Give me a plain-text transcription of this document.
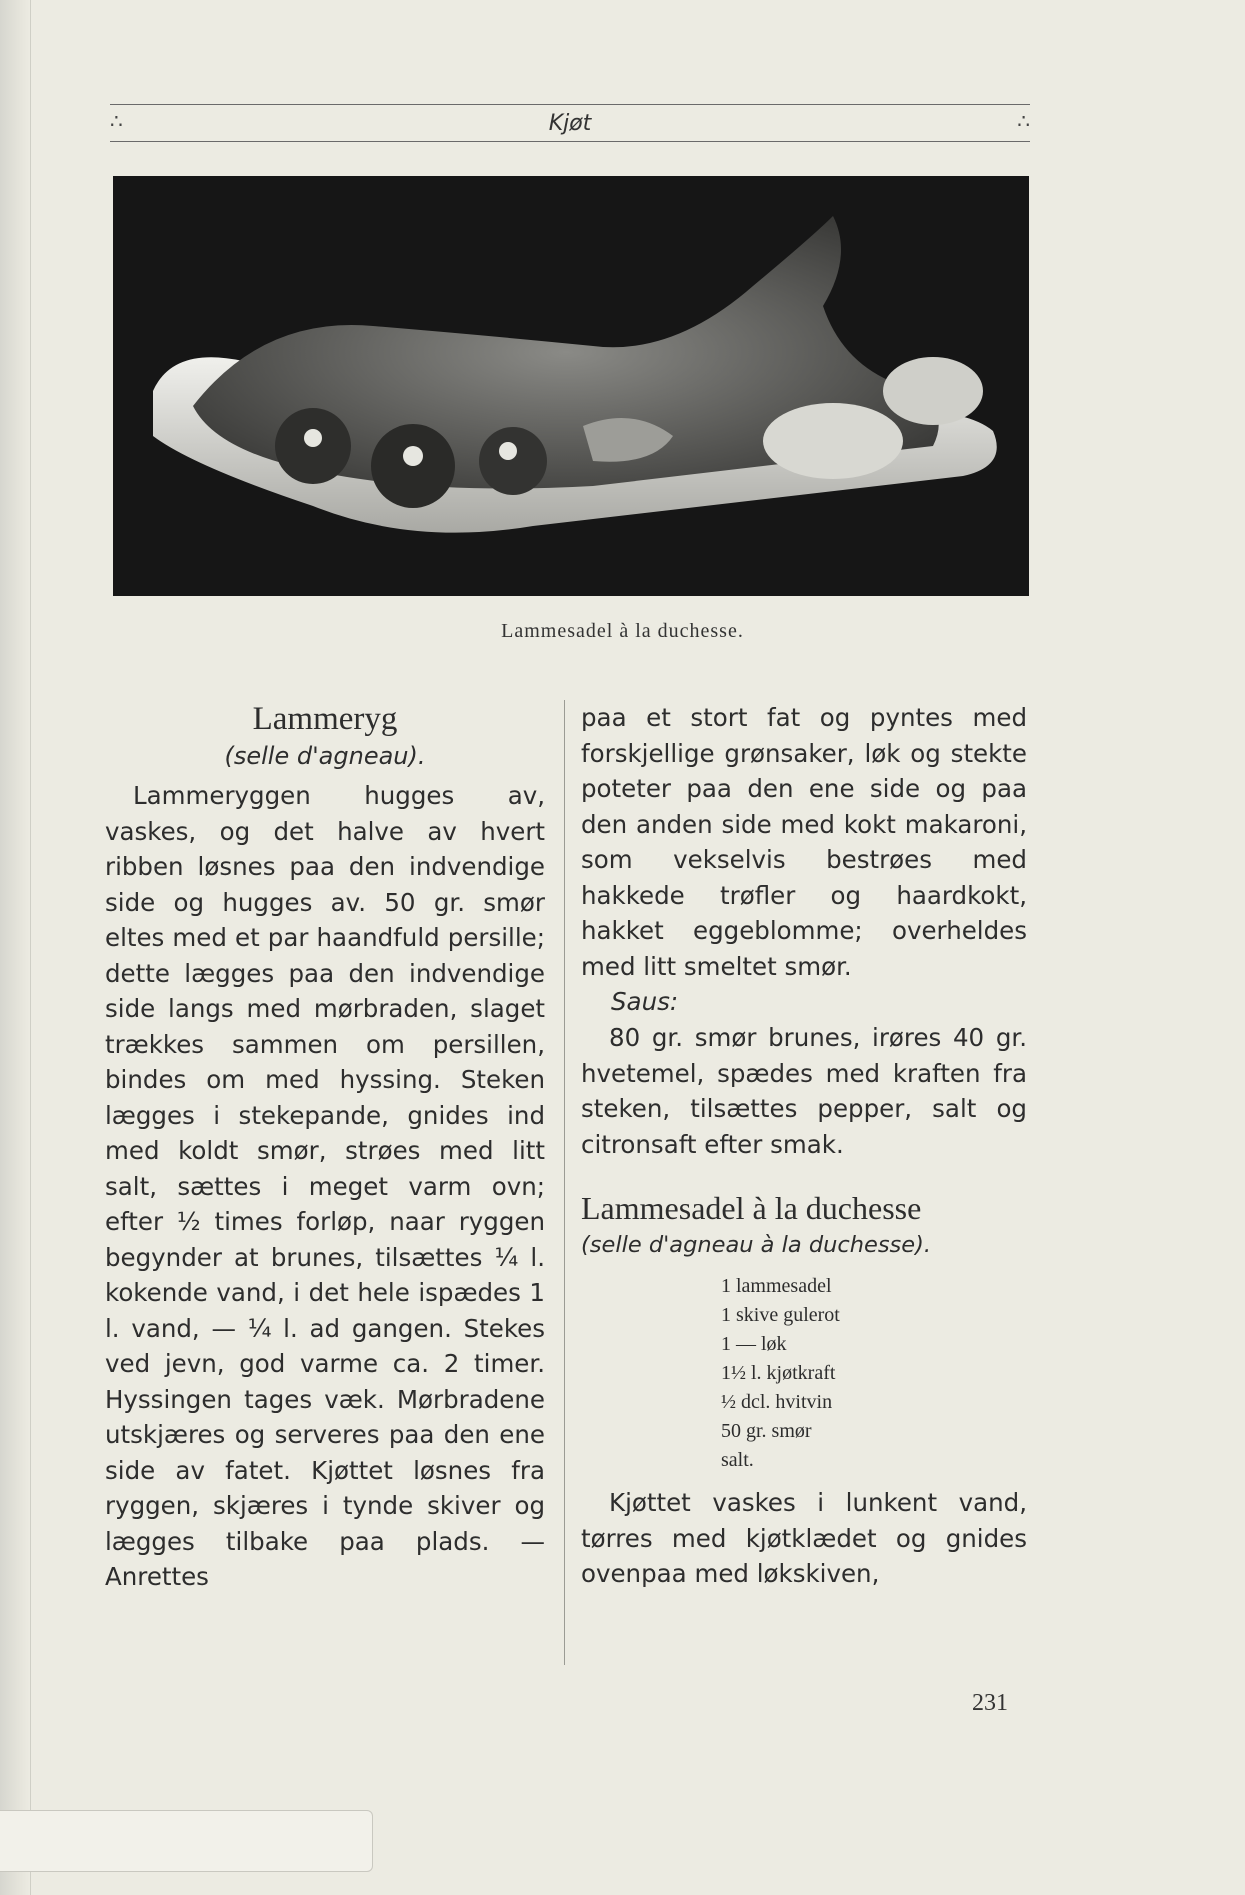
∴	Kjøt	∴
Lammesadel à la duchesse.

Lammeryg

(selle d'agneau).

Lammeryggen hugges av, vaskes, og det halve av hvert ribben løsnes paa den indvendige side og hugges av. 50 gr. smør eltes med et par haandfuld persille; dette lægges paa den indvendige side langs med mørbraden, slaget trækkes sammen om persillen, bindes om med hyssing. Steken lægges i stekepande, gnides ind med koldt smør, strøes med litt salt, sættes i meget varm ovn; efter ½ times forløp, naar ryggen begynder at brunes, tilsættes ¼ l. kokende vand, i det hele ispædes 1 l. vand, — ¼ l. ad gangen. Stekes ved jevn, god varme ca. 2 timer. Hyssingen tages væk. Mørbradene utskjæres og serveres paa den ene side av fatet. Kjøttet løsnes fra ryggen, skjæres i tynde skiver og lægges tilbake paa plads. — Anrettes

paa et stort fat og pyntes med forskjellige grønsaker, løk og stekte poteter paa den ene side og paa den anden side med kokt makaroni, som vekselvis bestrøes med hakkede trøfler og haardkokt, hakket eggeblomme; overheldes med litt smeltet smør.

Saus:

80 gr. smør brunes, irøres 40 gr. hvetemel, spædes med kraften fra steken, tilsættes pepper, salt og citronsaft efter smak.

Lammesadel à la duchesse

(selle d'agneau à la duchesse).

1 lammesadel
1 skive gulerot
1 — løk
1½ l. kjøtkraft
½ dcl. hvitvin
50 gr. smør
salt.

Kjøttet vaskes i lunkent vand, tørres med kjøtklædet og gnides ovenpaa med løkskiven,

231
